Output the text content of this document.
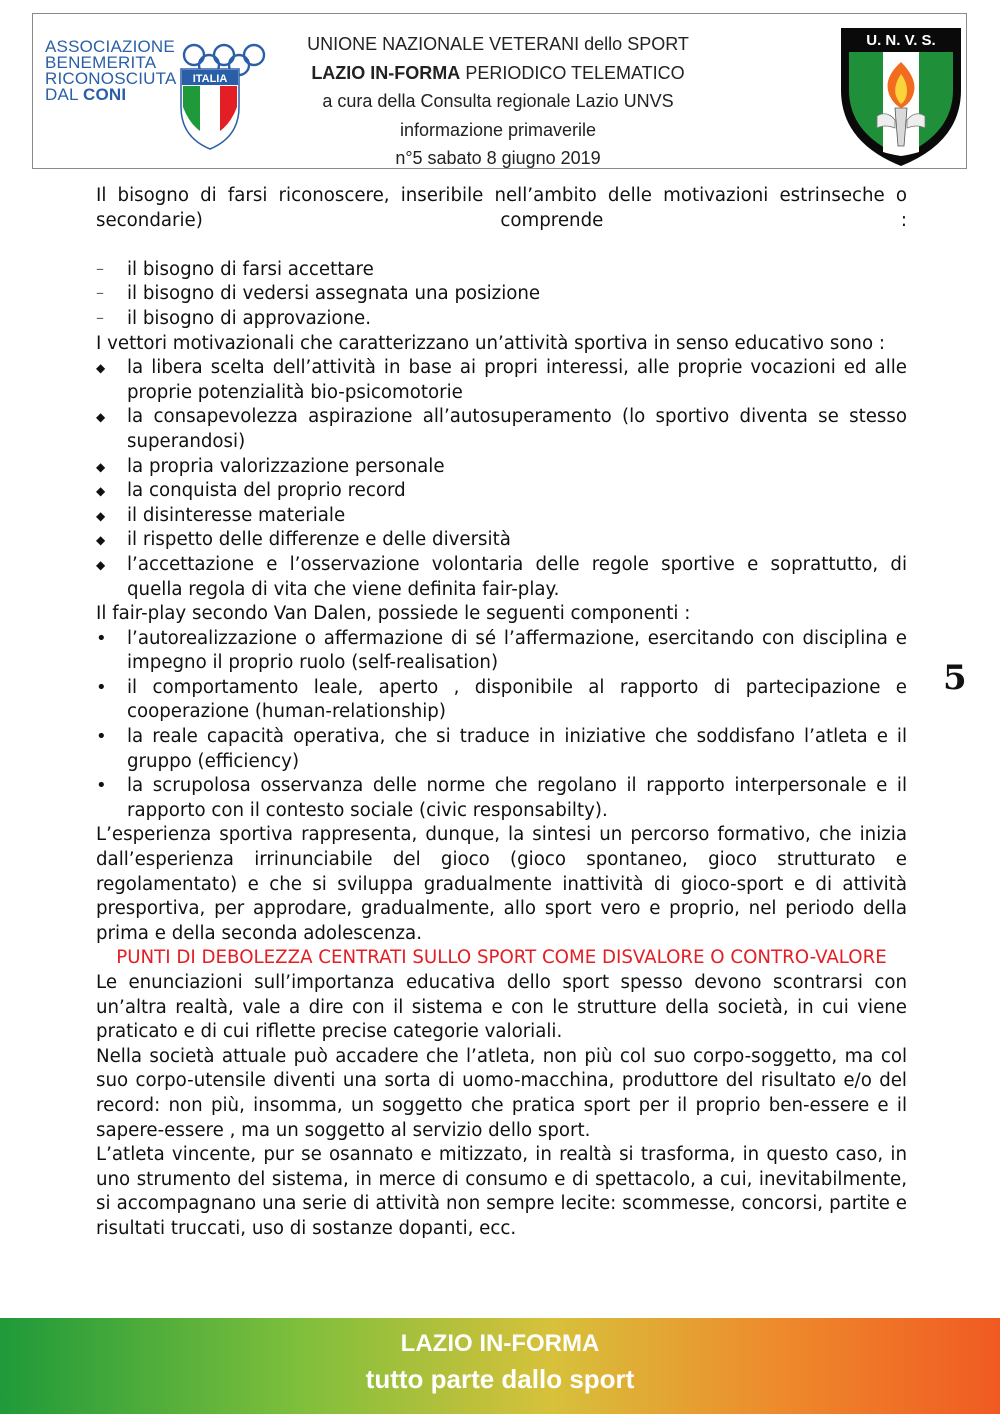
ASSOCIAZIONE
BENEMERITA
RICONOSCIUTA
DAL CONI
ITALIA
UNIONE NAZIONALE VETERANI dello SPORT
LAZIO IN-FORMA PERIODICO TELEMATICO
a cura della Consulta regionale Lazio UNVS
informazione primaverile
n°5 sabato 8 giugno 2019
U. N. V. S.
Il bisogno di farsi riconoscere, inseribile nell’ambito delle motivazioni estrinseche o secondarie) comprende :
–	il bisogno di farsi accettare
–	il bisogno di vedersi assegnata una posizione
–	il bisogno di approvazione.
I vettori motivazionali che caratterizzano un’attività sportiva in senso educativo sono :
◆	la libera scelta dell’attività in base ai propri interessi, alle proprie vocazioni ed alle proprie potenzialità bio-psicomotorie
◆	la consapevolezza aspirazione all’autosuperamento (lo sportivo diventa se stesso superandosi)
◆	la propria valorizzazione personale
◆	la conquista del proprio record
◆	il disinteresse materiale
◆	il rispetto delle differenze e delle diversità
◆	l’accettazione e l’osservazione volontaria delle regole sportive e soprattutto, di quella regola di vita che viene definita fair-play.
Il fair-play secondo Van Dalen, possiede le seguenti componenti :
•	l’autorealizzazione o affermazione di sé l’affermazione, esercitando con disciplina e impegno il proprio ruolo (self-realisation)
•	il comportamento leale, aperto , disponibile al rapporto di partecipazione e cooperazione (human-relationship)
•	la reale capacità operativa, che si traduce in iniziative che soddisfano l’atleta e il gruppo (efficiency)
•	la scrupolosa osservanza delle norme che regolano il rapporto interpersonale e il rapporto con il contesto sociale (civic responsabilty).
L’esperienza sportiva rappresenta, dunque, la sintesi un percorso formativo, che inizia dall’esperienza irrinunciabile del gioco (gioco spontaneo, gioco strutturato e regolamentato) e che si sviluppa gradualmente inattività di gioco-sport e di attività presportiva, per approdare, gradualmente, allo sport vero e proprio, nel periodo della prima e della seconda adolescenza.
PUNTI DI DEBOLEZZA CENTRATI SULLO SPORT COME DISVALORE O CONTRO-VALORE
Le enunciazioni sull’importanza educativa dello sport spesso devono scontrarsi con un’altra realtà, vale a dire con il sistema e con le strutture della società, in cui viene praticato e di cui riflette precise categorie valoriali.
Nella società attuale può accadere che l’atleta, non più col suo corpo-soggetto, ma col suo corpo-utensile diventi una sorta di uomo-macchina, produttore del risultato e/o del record: non più, insomma, un soggetto che pratica sport per il proprio ben-essere e il sapere-essere , ma un soggetto al servizio dello sport.
L’atleta vincente, pur se osannato e mitizzato, in realtà si trasforma, in questo caso, in uno strumento del sistema, in merce di consumo e di spettacolo, a cui, inevitabilmente, si accompagnano una serie di attività non sempre lecite: scommesse, concorsi, partite e risultati truccati, uso di sostanze dopanti, ecc.
5
LAZIO IN-FORMA
tutto parte dallo sport
